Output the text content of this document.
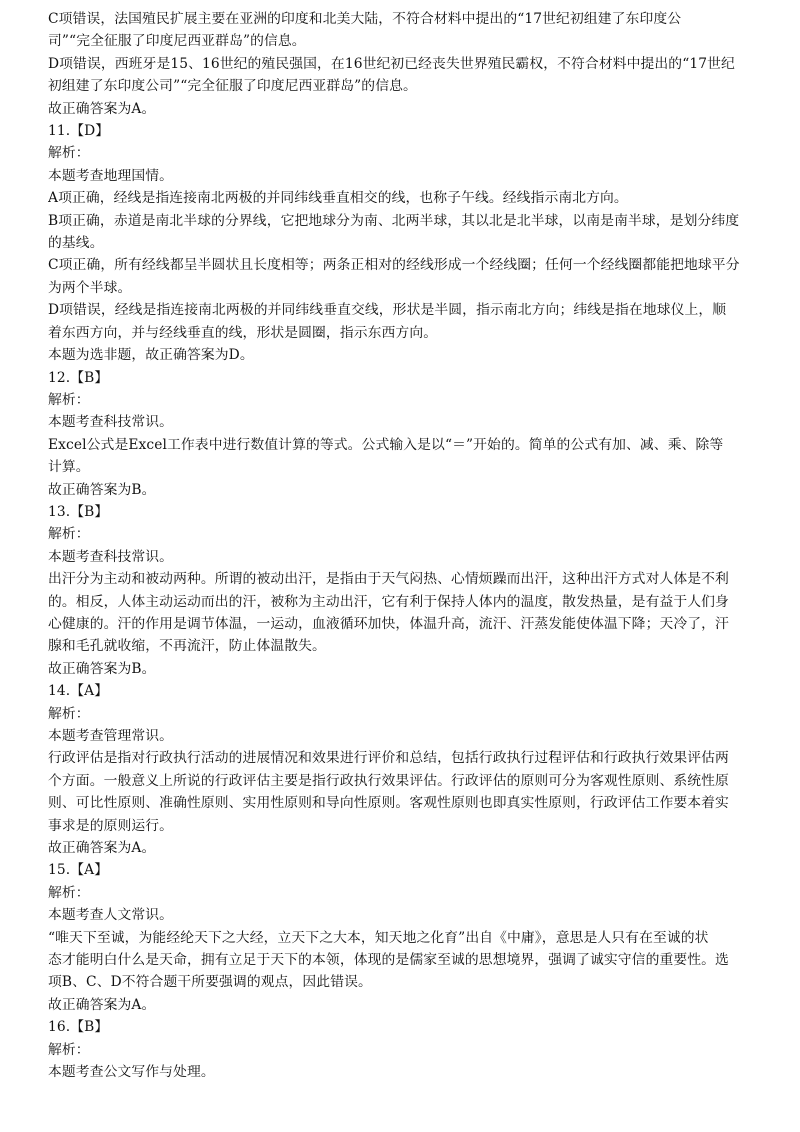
C项错误，法国殖民扩展主要在亚洲的印度和北美大陆，不符合材料中提出的“17世纪初组建了东印度公
司”“完全征服了印度尼西亚群岛”的信息。
D项错误，西班牙是15、16世纪的殖民强国，在16世纪初已经丧失世界殖民霸权，不符合材料中提出的“17世纪
初组建了东印度公司”“完全征服了印度尼西亚群岛”的信息。
故正确答案为A。
11.【D】
解析：
本题考查地理国情。
A项正确，经线是指连接南北两极的并同纬线垂直相交的线，也称子午线。经线指示南北方向。
B项正确，赤道是南北半球的分界线，它把地球分为南、北两半球，其以北是北半球，以南是南半球，是划分纬度
的基线。
C项正确，所有经线都呈半圆状且长度相等；两条正相对的经线形成一个经线圈；任何一个经线圈都能把地球平分
为两个半球。
D项错误，经线是指连接南北两极的并同纬线垂直交线，形状是半圆，指示南北方向；纬线是指在地球仪上，顺
着东西方向，并与经线垂直的线，形状是圆圈，指示东西方向。
本题为选非题，故正确答案为D。
12.【B】
解析：
本题考查科技常识。
Excel公式是Excel工作表中进行数值计算的等式。公式输入是以“＝”开始的。简单的公式有加、减、乘、除等
计算。
故正确答案为B。
13.【B】
解析：
本题考查科技常识。
出汗分为主动和被动两种。所谓的被动出汗，是指由于天气闷热、心情烦躁而出汗，这种出汗方式对人体是不利
的。相反，人体主动运动而出的汗，被称为主动出汗，它有利于保持人体内的温度，散发热量，是有益于人们身
心健康的。汗的作用是调节体温，一运动，血液循环加快，体温升高，流汗、汗蒸发能使体温下降；天冷了，汗
腺和毛孔就收缩，不再流汗，防止体温散失。
故正确答案为B。
14.【A】
解析：
本题考查管理常识。
行政评估是指对行政执行活动的进展情况和效果进行评价和总结，包括行政执行过程评估和行政执行效果评估两
个方面。一般意义上所说的行政评估主要是指行政执行效果评估。行政评估的原则可分为客观性原则、系统性原
则、可比性原则、准确性原则、实用性原则和导向性原则。客观性原则也即真实性原则，行政评估工作要本着实
事求是的原则运行。
故正确答案为A。
15.【A】
解析：
本题考查人文常识。
“唯天下至诚，为能经纶天下之大经，立天下之大本，知天地之化育”出自《中庸》，意思是人只有在至诚的状
态才能明白什么是天命，拥有立足于天下的本领，体现的是儒家至诚的思想境界，强调了诚实守信的重要性。选
项B、C、D不符合题干所要强调的观点，因此错误。
故正确答案为A。
16.【B】
解析：
本题考查公文写作与处理。
